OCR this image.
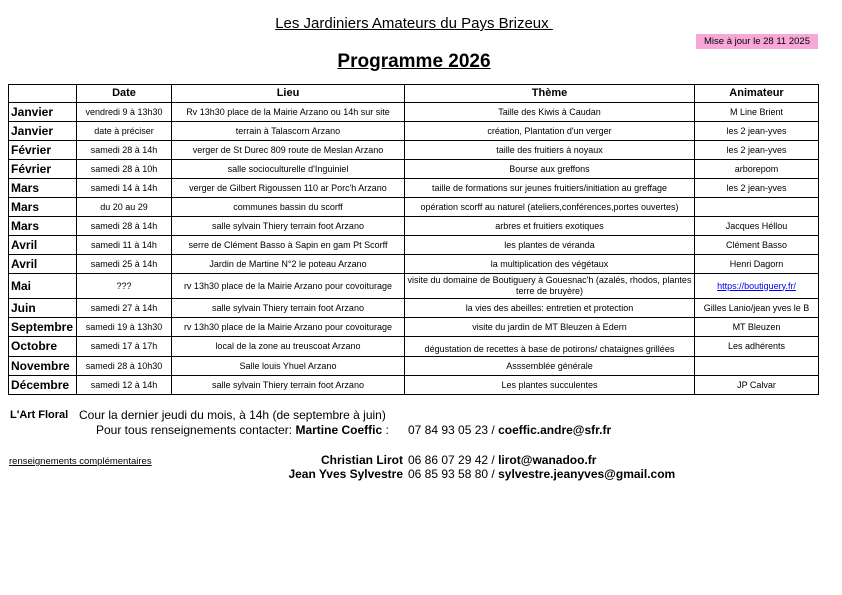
Les Jardiniers Amateurs du Pays Brizeux
Mise à jour le 28 11 2025
Programme 2026
	Date	Lieu	Thème	Animateur
Janvier	vendredi 9 à 13h30	Rv 13h30 place de la Mairie Arzano ou 14h sur site	Taille des Kiwis à Caudan	M Line Brient
Janvier	date à préciser	terrain à Talascorn Arzano	création, Plantation d'un verger	les 2 jean-yves
Février	samedi 28 à 14h	verger de St Durec 809 route de Meslan Arzano	taille des fruitiers à noyaux	les 2 jean-yves
Février	samedi 28 à 10h	salle socioculturelle d'Inguiniel	Bourse aux greffons	arborepom
Mars	samedi 14 à 14h	verger de Gilbert Rigoussen 110 ar Porc'h Arzano	taille de formations sur jeunes fruitiers/initiation au greffage	les 2 jean-yves
Mars	du 20 au 29	communes bassin du scorff	opération scorff au naturel (ateliers,conférences,portes ouvertes)	
Mars	samedi 28 à 14h	salle sylvain Thiery terrain foot Arzano	arbres et fruitiers exotiques	Jacques Héllou
Avril	samedi 11 à 14h	serre de Clément Basso à Sapin en gam Pt Scorff	les plantes de véranda	Clément Basso
Avril	samedi 25 à 14h	Jardin de Martine N°2 le poteau Arzano	la multiplication des végétaux	Henri Dagorn
Mai	???	rv 13h30 place de la Mairie Arzano pour covoiturage	visite du domaine de Boutiguery à Gouesnac'h (azalés, rhodos, plantes terre de bruyère)	https://boutiguery.fr/
Juin	samedi 27 à 14h	salle sylvain Thiery terrain foot Arzano	la vies des abeilles: entretien et protection	Gilles Lanio/jean yves le B
Septembre	samedi 19 à 13h30	rv 13h30 place de la Mairie Arzano pour covoiturage	visite du jardin de MT Bleuzen à Edern	MT Bleuzen
Octobre	samedi 17 à 17h	local de la zone au treuscoat Arzano	dégustation de recettes à base de potirons/ chataignes grillées	Les adhérents
Novembre	samedi 28 à 10h30	Salle louis Yhuel Arzano	Asssemblée générale	
Décembre	samedi 12 à 14h	salle sylvain Thiery terrain foot Arzano	Les plantes succulentes	JP Calvar
L'Art Floral Cour la dernier jeudi du mois, à 14h (de septembre à juin)
Pour tous renseignements contacter: Martine Coeffic : 07 84 93 05 23 / coeffic.andre@sfr.fr
renseignements complémentaires	Christian Lirot 06 86 07 29 42 / lirot@wanadoo.fr
Jean Yves Sylvestre 06 85 93 58 80 / sylvestre.jeanyves@gmail.com
